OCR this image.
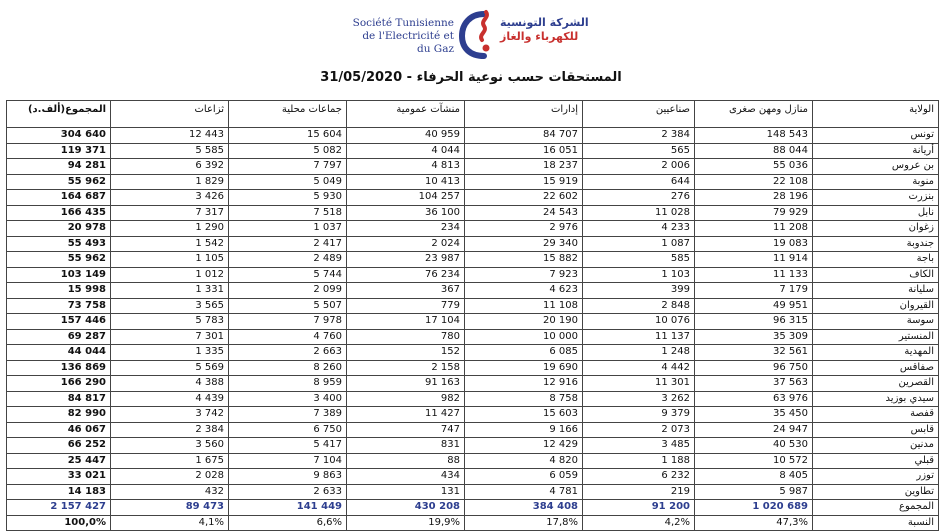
Société Tunisienne
de l'Electricité et du Gaz
الشركة التونسية
للكهرباء والغاز
المستحقات حسب نوعية الحرفاء - 31/05/2020
المجموع(ألف.د)	ثزاعات	جماعات محلية	منشآت عمومية	إدارات	صناعيين	منازل ومهن صغرى	الولاية
304 640	12 443	15 604	40 959	84 707	2 384	148 543	تونس
119 371	5 585	5 082	4 044	16 051	565	88 044	أريانة
94 281	6 392	7 797	4 813	18 237	2 006	55 036	بن عروس
55 962	1 829	5 049	10 413	15 919	644	22 108	منوبة
164 687	3 426	5 930	104 257	22 602	276	28 196	بنزرت
166 435	7 317	7 518	36 100	24 543	11 028	79 929	نابل
20 978	1 290	1 037	234	2 976	4 233	11 208	زغوان
55 493	1 542	2 417	2 024	29 340	1 087	19 083	جندوبة
55 962	1 105	2 489	23 987	15 882	585	11 914	باجة
103 149	1 012	5 744	76 234	7 923	1 103	11 133	الكاف
15 998	1 331	2 099	367	4 623	399	7 179	سليانة
73 758	3 565	5 507	779	11 108	2 848	49 951	القيروان
157 446	5 783	7 978	17 104	20 190	10 076	96 315	سوسة
69 287	7 301	4 760	780	10 000	11 137	35 309	المنستير
44 044	1 335	2 663	152	6 085	1 248	32 561	المهدية
136 869	5 569	8 260	2 158	19 690	4 442	96 750	صفاقس
166 290	4 388	8 959	91 163	12 916	11 301	37 563	القصرين
84 817	4 439	3 400	982	8 758	3 262	63 976	سيدي بوزيد
82 990	3 742	7 389	11 427	15 603	9 379	35 450	قفصة
46 067	2 384	6 750	747	9 166	2 073	24 947	قابس
66 252	3 560	5 417	831	12 429	3 485	40 530	مدنين
25 447	1 675	7 104	88	4 820	1 188	10 572	قبلي
33 021	2 028	9 863	434	6 059	6 232	8 405	توزر
14 183	432	2 633	131	4 781	219	5 987	تطاوين
2 157 427	89 473	141 449	430 208	384 408	91 200	1 020 689	المجموع
100,0%	4,1%	6,6%	19,9%	17,8%	4,2%	47,3%	النسبة
